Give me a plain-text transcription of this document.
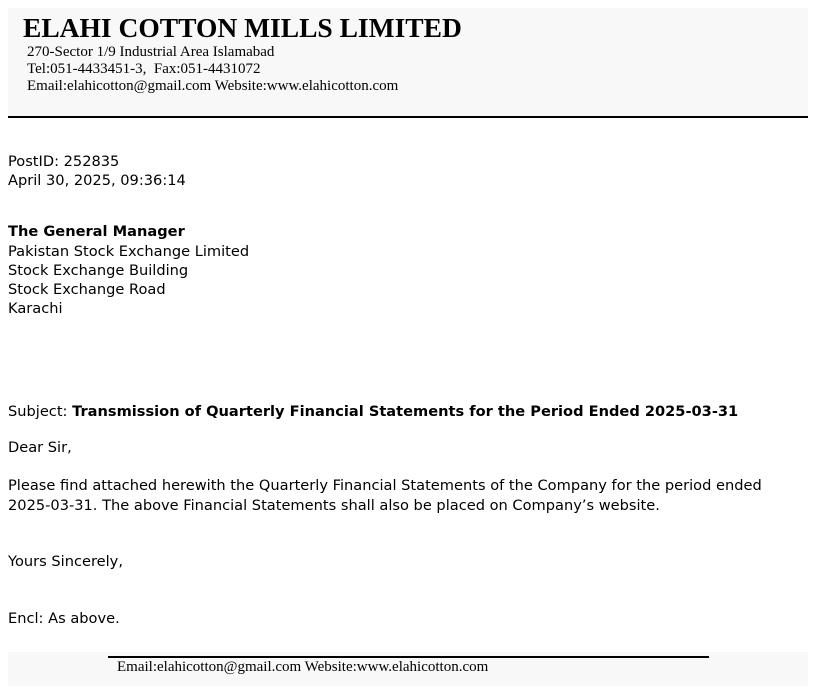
ELAHI COTTON MILLS LIMITED
270-Sector 1/9 Industrial Area Islamabad
Tel:051-4433451-3,  Fax:051-4431072
Email:elahicotton@gmail.com Website:www.elahicotton.com
PostID: 252835
April 30, 2025, 09:36:14
The General Manager
Pakistan Stock Exchange Limited
Stock Exchange Building
Stock Exchange Road
Karachi
Subject: Transmission of Quarterly Financial Statements for the Period Ended 2025-03-31
Dear Sir,
Please find attached herewith the Quarterly Financial Statements of the Company for the period ended 2025-03-31. The above Financial Statements shall also be placed on Company’s website.
Yours Sincerely,
Encl: As above.
Email:elahicotton@gmail.com Website:www.elahicotton.com
